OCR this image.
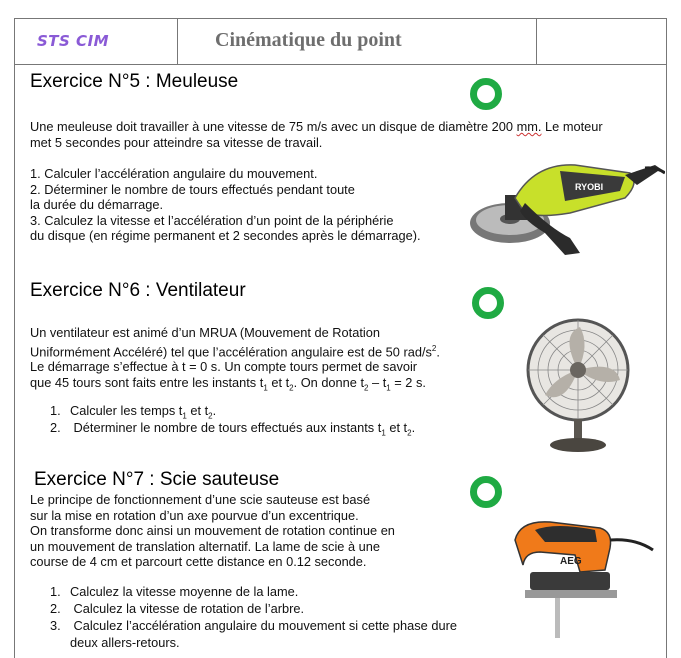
STS CIM	Cinématique du point
Exercice N°5 : Meuleuse
Une meuleuse doit travailler à une vitesse de 75 m/s avec un disque de diamètre 200 mm. Le moteur
met 5 secondes pour atteindre sa vitesse de travail.
1. Calculer l’accélération angulaire du mouvement.
2. Déterminer le nombre de tours effectués pendant toute
la durée du démarrage.
3. Calculez la vitesse et l’accélération d’un point de la périphérie
du disque (en régime permanent et 2 secondes après le démarrage).
RYOBI
Exercice N°6 : Ventilateur
Un ventilateur est animé d’un MRUA (Mouvement de Rotation
Uniformément Accéléré) tel que l’accélération angulaire est de 50 rad/$s^2$.
Le démarrage s’effectue à t = 0 s. Un compte tours permet de savoir
que 45 tours sont faits entre les instants $t_1$ et $t_2$. On donne $t_2 - t_1 = 2$ s.
1. Calculer les temps $t_1$ et $t_2$.
2. Déterminer le nombre de tours effectués aux instants $t_1$ et $t_2$.
Exercice N°7 : Scie sauteuse
Le principe de fonctionnement d’une scie sauteuse est basé
sur la mise en rotation d’un axe pourvue d’un excentrique.
On transforme donc ainsi un mouvement de rotation continue en
un mouvement de translation alternatif. La lame de scie à une
course de 4 cm et parcourt cette distance en 0.12 seconde.
1. Calculez la vitesse moyenne de la lame.
2. Calculez la vitesse de rotation de l’arbre.
3. Calculez l’accélération angulaire du mouvement si cette phase dure
deux allers-retours.
AEG
